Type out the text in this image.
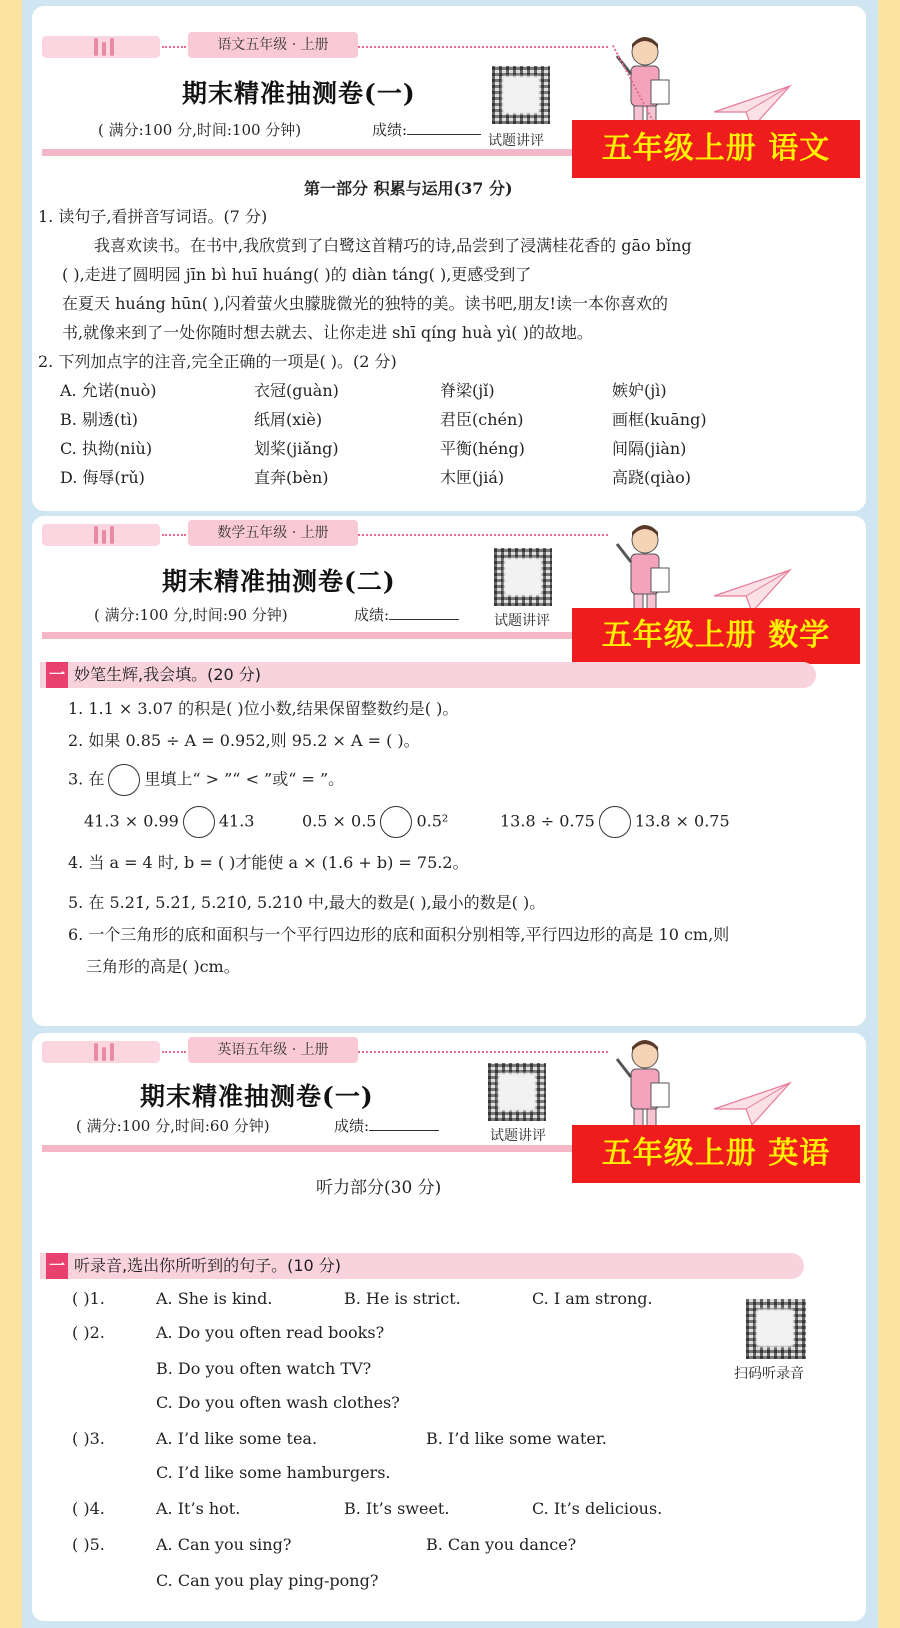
语文五年级 · 上册
期末精准抽测卷(一)
( 满分:100 分,时间:100 分钟)	成绩:
试题讲评	五年级上册 语文
第一部分 积累与运用(37 分)
1. 读句子,看拼音写词语。(7 分)
我喜欢读书。在书中,我欣赏到了白鹭这首精巧的诗,品尝到了浸满桂花香的 gāo bǐng
( ),走进了圆明园 jīn bì huī huáng( )的 diàn táng( ),更感受到了
在夏天 huáng hūn( ),闪着萤火虫朦胧微光的独特的美。读书吧,朋友!读一本你喜欢的
书,就像来到了一处你随时想去就去、让你走进 shī qíng huà yì( )的故地。
2. 下列加点字的注音,完全正确的一项是( )。(2 分)
A. 允诺(nuò)	衣冠(guàn)	脊梁(jǐ)	嫉妒(jì)
B. 剔透(tì)	纸屑(xiè)	君臣(chén)	画框(kuāng)
C. 执拗(niù)	划桨(jiǎng)	平衡(héng)	间隔(jiàn)
D. 侮辱(rǔ)	直奔(bèn)	木匣(jiá)	高跷(qiào)
数学五年级 · 上册
期末精准抽测卷(二)
( 满分:100 分,时间:90 分钟)	成绩:	试题讲评	五年级上册 数学
一 妙笔生辉,我会填。(20 分)
1. 1.1 × 3.07 的积是( )位小数,结果保留整数约是( )。
2. 如果 0.85 ÷ A = 0.952,则 95.2 × A = ( )。
3. 在	里填上“ > ”“ < ”或“ = ”。
41.3 × 0.99	41.3	0.5 × 0.5	0.5²	13.8 ÷ 0.75	13.8 × 0.75
4. 当 a = 4 时, b = ( )才能使 a × (1.6 + b) = 75.2。
5. 在 5.21̇, 5.2̇1̇, 5.21̇0̇, 5.2̇10̇ 中,最大的数是( ),最小的数是( )。
6. 一个三角形的底和面积与一个平行四边形的底和面积分别相等,平行四边形的高是 10 cm,则
三角形的高是( )cm。
英语五年级 · 上册
期末精准抽测卷(一)
( 满分:100 分,时间:60 分钟)	成绩:
试题讲评	五年级上册 英语
听力部分(30 分)
一 听录音,选出你所听到的句子。(10 分)
扫码听录音
( )1.	A. She is kind.	B. He is strict.	C. I am strong.
( )2.	A. Do you often read books?
B. Do you often watch TV?
C. Do you often wash clothes?
( )3.	A. I’d like some tea.	B. I’d like some water.
C. I’d like some hamburgers.
( )4.	A. It’s hot.	B. It’s sweet.	C. It’s delicious.
( )5.	A. Can you sing?	B. Can you dance?
C. Can you play ping-pong?
